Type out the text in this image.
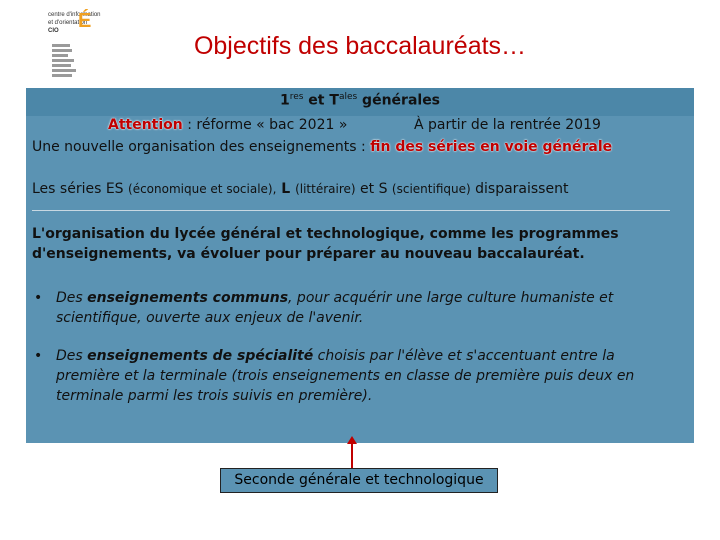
centre d'information
et d'orientation
CIO É
Objectifs des baccalauréats…
1res et $T^{ales}$ générales
Attention : réforme « bac 2021 »	À partir de la rentrée 2019
Une nouvelle organisation des enseignements : fin des séries en voie générale
Les séries ES (économique et sociale), L (littéraire) et S (scientifique) disparaissent
L'organisation du lycée général et technologique, comme les programmes d'enseignements, va évoluer pour préparer au nouveau baccalauréat.
• Des enseignements communs, pour acquérir une large culture humaniste et scientifique, ouverte aux enjeux de l'avenir.
• Des enseignements de spécialité choisis par l'élève et s'accentuant entre la première et la terminale (trois enseignements en classe de première puis deux en terminale parmi les trois suivis en première).
Seconde générale et technologique
